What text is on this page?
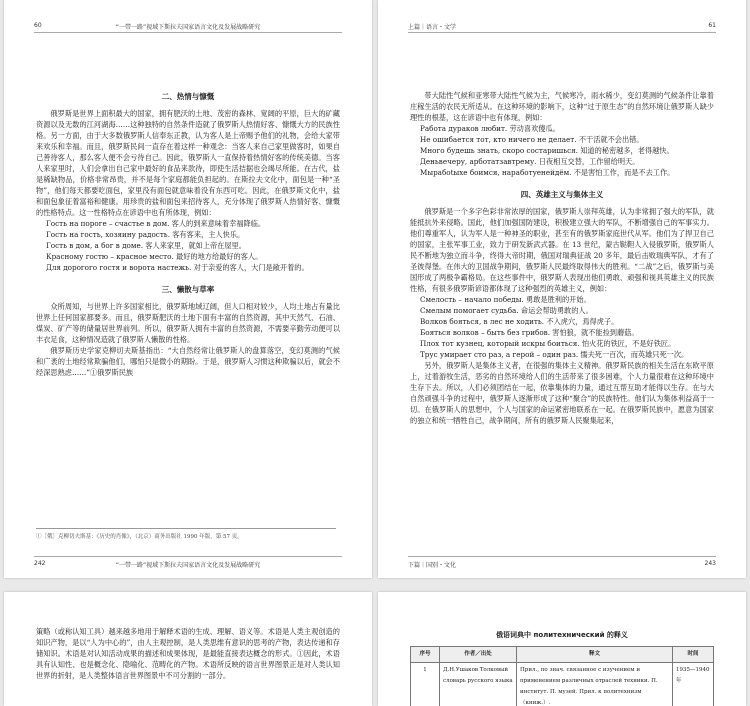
60	“一带一路”视域下斯拉夫国家语言文化及发展战略研究

二、热情与慷慨

俄罗斯是世界上面积最大的国家，拥有肥沃的土地、茂密的森林、宽阔的平原，巨大的矿藏资源以及无数的江河湖海……这种独特的自然条件造就了俄罗斯人热情好客、慷慨大方的民族性格。另一方面，由于大多数俄罗斯人信奉东正教，认为客人是上帝赐予他们的礼物，会给大家带来欢乐和幸福。而且，俄罗斯民间一直存在着这样一种观念：当客人来自己家里做客时，如果自己善待客人，那么客人便不会亏待自己。因此，俄罗斯人一直保持着热情好客的传统美德。当客人来家里时，人们会拿出自己家中最好的食品来款待，即使生活拮据也会竭尽所能。在古代，盐是稀缺物品，价格非常昂贵，并不是每个家庭都能负担起的。在斯拉夫文化中，面包是一种“圣物”，他们每天都要吃面包，家里没有面包就意味着没有东西可吃。因此，在俄罗斯文化中，盐和面包象征着富裕和健康。用珍贵的盐和面包来招待客人，充分体现了俄罗斯人热情好客、慷慨的性格特点。这一性格特点在谚语中也有所体现，例如：

Гость на пороге – счастье в дом. 客人的到来意味着幸福降临。

Гость на гость, хозяину радость. 客有客来，主人快乐。

Гость в дом, а бог в доме. 客人来家里，就如上帝在屋里。

Красному гостю – красное место. 最好的地方给最好的客人。

Для дорогого гостя и ворота настежь. 对于亲爱的客人，大门是敞开着的。

三、懒散与草率

众所周知，与世界上许多国家相比，俄罗斯地域辽阔，但人口相对较少，人均土地占有量比世界上任何国家都要多。而且，俄罗斯肥沃的土地下面有丰富的自然资源，其中天然气、石油、煤炭、矿产等的储量居世界前列。所以，俄罗斯人拥有丰富的自然资源，不需要辛勤劳动便可以丰衣足食，这种情况造就了俄罗斯人懒散的性格。

俄罗斯历史学家克柳切夫斯基指出：“大自然经常让俄罗斯人的盘算落空，变幻莫测的气候和广袤的土地经常欺骗他们，哪怕只是微小的期盼。于是，俄罗斯人习惯这种欺骗以后，就会不经深思熟虑……”①俄罗斯民族

①［俄］克柳切夫斯基：《历史的肖像》，（北京）商务出版社 1990 年版，第 57 页。
242	“一带一路”视域下斯拉夫国家语言文化及发展战略研究
上篇｜语言・文学	61

带大陆性气候和亚寒带大陆性气候为主，气候寒冷，雨水稀少，变幻莫测的气候条件让靠着庄稼生活的农民无所适从。在这种环境的影响下，这种“过于原生态”的自然环境让俄罗斯人缺少理性的根基，这在谚语中也有体现，例如：

Работа дураков любит. 劳动喜欢傻瓜。

Не ошибается тот, кто ничего не делает. 不干活就不会出错。

Много будешь знать, скоро состаришься. 知道的秘密越多，老得越快。

Деньвечеру, арботатзавтрему. 日夜相互交替，工作留给明天。

Мырабоtыxe бoимся, нарaботуeнeйдём. 不是害怕工作，而是不去工作。

四、英雄主义与集体主义

俄罗斯是一个多字色彩非常浓厚的国家，俄罗斯人崇拜英雄，认为非常拥了强大的军队，就能抵抗外来侵略。国此，他们加强国防建设，积极建立强大的军队，不断增强自己的军事实力。他们尊重军人，认为军人是一种神圣的职业，甚至有的俄罗斯家庭世代从军。他们为了捍卫自己的国家，主张军事工业，致力于研发新武式器。在 13 世纪，蒙古鞑靼人入侵俄罗斯，俄罗斯人民不断地为独立而斗争，终得大帝时期，俄国对瑞典征战 20 多年，最后击败瑞典军队，才有了圣彼得堡。在伟大的卫国战争期间，俄罗斯人民最终取得伟大的胜利。“二战”之后，俄罗斯与美国形成了两极争霸格局。在这些事件中，俄罗斯人表现出他们勇敢、顽强和视具英雄主义的民族性格，有很多俄罗斯谚语都体现了这种强烈的英雄主义，例如：

Смелость – начало победы. 勇敢是胜利的开始。

Смелым помогает судьба. 命运会帮助勇敢的人。

Волков бояться, в лес не ходить. 不入虎穴，焉得虎子。

Бояться волков – быть без грибов. 害怕狼，就不能捡到蘑菇。

Плох тот кузнец, который искры боиться. 怕火花的铁匠，不是好铁匠。

Трус умирает сто раз, а герой – один раз. 懦夫死一百次，而英雄只死一次。

另外，俄罗斯人是集体主义者，在很强的集体主义精神。俄罗斯民族的相关生活在东欧平原上，过着游牧生活，恶劣的自然环境给人们的生活带来了很多困难，个人力量很难在这种环境中生存下去。所以，人们必须团结在一起，依靠集体的力量，通过互帮互助才能得以生存。在与大自然顽强斗争的过程中，俄罗斯人逐渐形成了这种“聚合”的民族特性。他们认为集体利益高于一切。在俄罗斯人的思想中，个人与国家的命运紧密地联系在一起。在俄罗斯民族中，愿意为国家的独立和统一牺牲自己，战争期间，所有的俄罗斯人民聚集起来，

下篇｜国别・文化	243

策略（或称认知工具）越来越多地用于解释术语的生成、理解、语义等。术语是人类主观创造的知识产物，是以“人为中心的”，由人主观控制，是人类思维有意识的思考的产物，表达传递和存储知识。术语是对认知活动成果的描述和成果体现，是最能直接表达概念的形式。①因此，术语具有认知性、也是概念化、隐喻化、范畴化的产物。术语所反映的语言世界图景正是对人类认知世界的折射，是人类整体语言世界图景中不可分割的一部分。

俄语词典中 политехнический 的释义
序号	作者／出处	释文	时间
1	Д.Н.Ушаков Толковый словарь русского языка	Прил., по знач. связанное с изучением и применением различных отраслей техники. П. институт. П. музей. Прил. к политехнизм（книж.）.	1935—1940 年
